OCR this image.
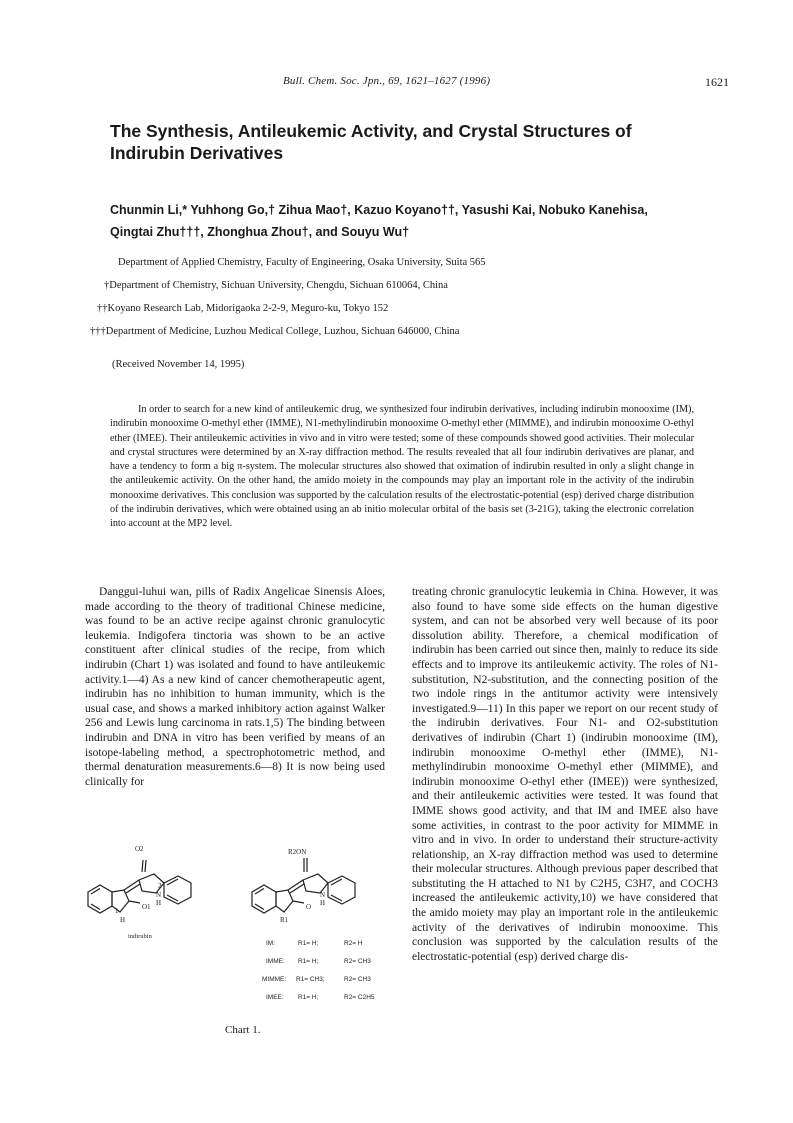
Bull. Chem. Soc. Jpn., 69, 1621–1627 (1996)	1621
The Synthesis, Antileukemic Activity, and Crystal Structures of Indirubin Derivatives
Chunmin Li,* Yuhhong Go,† Zihua Mao†, Kazuo Koyano††, Yasushi Kai, Nobuko Kanehisa,
Qingtai Zhu†††, Zhonghua Zhou†, and Souyu Wu†
Department of Applied Chemistry, Faculty of Engineering, Osaka University, Suita 565
†Department of Chemistry, Sichuan University, Chengdu, Sichuan 610064, China
††Koyano Research Lab, Midorigaoka 2-2-9, Meguro-ku, Tokyo 152
†††Department of Medicine, Luzhou Medical College, Luzhou, Sichuan 646000, China
(Received November 14, 1995)

In order to search for a new kind of antileukemic drug, we synthesized four indirubin derivatives, including indirubin monooxime (IM), indirubin monooxime O-methyl ether (IMME), N1-methylindirubin monooxime O-methyl ether (MIMME), and indirubin monooxime O-ethyl ether (IMEE). Their antileukemic activities in vivo and in vitro were tested; some of these compounds showed good activities. Their molecular and crystal structures were determined by an X-ray diffraction method. The results revealed that all four indirubin derivatives are planar, and have a tendency to form a big π-system. The molecular structures also showed that oximation of indirubin resulted in only a slight change in the antileukemic activity. On the other hand, the amido moiety in the compounds may play an important role in the activity of the indirubin monooxime derivatives. This conclusion was supported by the calculation results of the electrostatic-potential (esp) derived charge distribution of the indirubin derivatives, which were obtained using an ab initio molecular orbital of the basis set (3-21G), taking the electronic correlation into account at the MP2 level.

Danggui-luhui wan, pills of Radix Angelicae Sinensis Aloes, made according to the theory of traditional Chinese medicine, was found to be an active recipe against chronic granulocytic leukemia. Indigofera tinctoria was shown to be an active constituent after clinical studies of the recipe, from which indirubin (Chart 1) was isolated and found to have antileukemic activity.1—4) As a new kind of cancer chemotherapeutic agent, indirubin has no inhibition to human immunity, which is the usual case, and shows a marked inhibitory action against Walker 256 and Lewis lung carcinoma in rats.1,5) The binding between indirubin and DNA in vitro has been verified by means of an isotope-labeling method, a spectrophotometric method, and thermal denaturation measurements.6—8) It is now being used clinically for

treating chronic granulocytic leukemia in China. However, it was also found to have some side effects on the human digestive system, and can not be absorbed very well because of its poor dissolution ability. Therefore, a chemical modification of indirubin has been carried out since then, mainly to reduce its side effects and to improve its antileukemic activity. The roles of N1-substitution, N2-substitution, and the connecting position of the two indole rings in the antitumor activity were intensively investigated.9—11) In this paper we report on our recent study of the indirubin derivatives. Four N1- and O2-substitution derivatives of indirubin (Chart 1) (indirubin monooxime (IM), indirubin monooxime O-methyl ether (IMME), N1-methylindirubin monooxime O-methyl ether (MIMME), and indirubin monooxime O-ethyl ether (IMEE)) were synthesized, and their antileukemic activities were tested. It was found that IMME shows good activity, and that IM and IMEE also have some activities, in contrast to the poor activity for MIMME in vitro and in vivo. In order to understand their structure-activity relationship, an X-ray diffraction method was used to determine their molecular structures. Although previous paper described that substituting the H attached to N1 by C2H5, C3H7, and COCH3 increased the antileukemic activity,10) we have considered that the amido moiety may play an important role in the antileukemic activity of the derivatives of indirubin monooxime. This conclusion was supported by the calculation results of the electrostatic-potential (esp) derived charge dis-

O2
O1
N
H
H
1
2
indirubin
R2ON
N
H
O
R1
IM:	R1= H;	R2= H
IMME: R1= H;	R2= CH3
MIMME: R1= CH3;	R2= CH3
IMEE: R1= H;	R2= C2H5
Chart 1.
